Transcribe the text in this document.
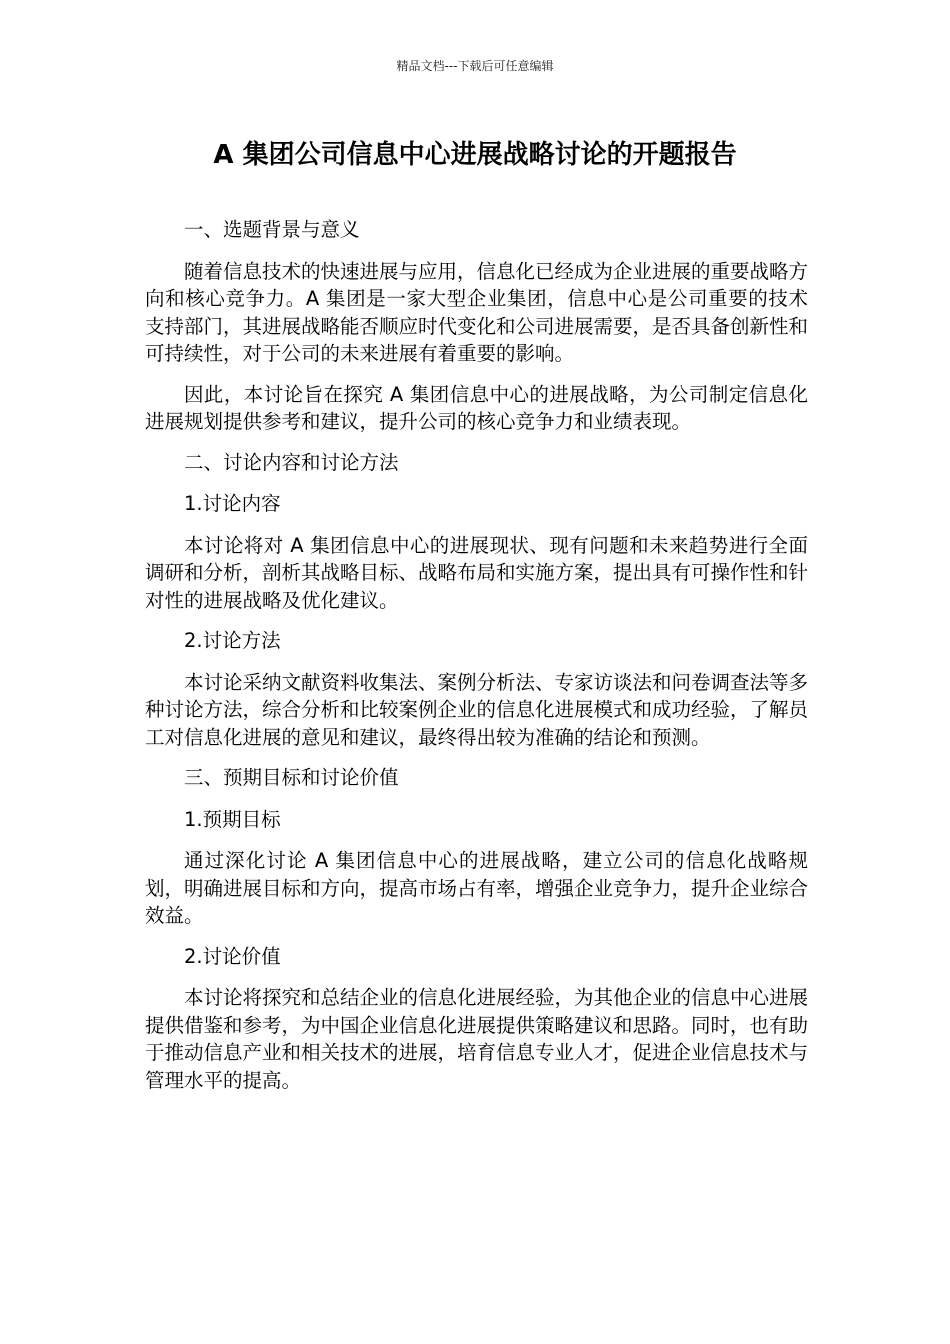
精品文档---下载后可任意编辑
A 集团公司信息中心进展战略讨论的开题报告

一、选题背景与意义

随着信息技术的快速进展与应用，信息化已经成为企业进展的重要战略方向和核心竞争力。A 集团是一家大型企业集团，信息中心是公司重要的技术支持部门，其进展战略能否顺应时代变化和公司进展需要，是否具备创新性和可持续性，对于公司的未来进展有着重要的影响。

因此，本讨论旨在探究 A 集团信息中心的进展战略，为公司制定信息化进展规划提供参考和建议，提升公司的核心竞争力和业绩表现。

二、讨论内容和讨论方法

1.讨论内容

本讨论将对 A 集团信息中心的进展现状、现有问题和未来趋势进行全面调研和分析，剖析其战略目标、战略布局和实施方案，提出具有可操作性和针对性的进展战略及优化建议。

2.讨论方法

本讨论采纳文献资料收集法、案例分析法、专家访谈法和问卷调查法等多种讨论方法，综合分析和比较案例企业的信息化进展模式和成功经验，了解员工对信息化进展的意见和建议，最终得出较为准确的结论和预测。

三、预期目标和讨论价值

1.预期目标

通过深化讨论 A 集团信息中心的进展战略，建立公司的信息化战略规划，明确进展目标和方向，提高市场占有率，增强企业竞争力，提升企业综合效益。

2.讨论价值

本讨论将探究和总结企业的信息化进展经验，为其他企业的信息中心进展提供借鉴和参考，为中国企业信息化进展提供策略建议和思路。同时，也有助于推动信息产业和相关技术的进展，培育信息专业人才，促进企业信息技术与管理水平的提高。
